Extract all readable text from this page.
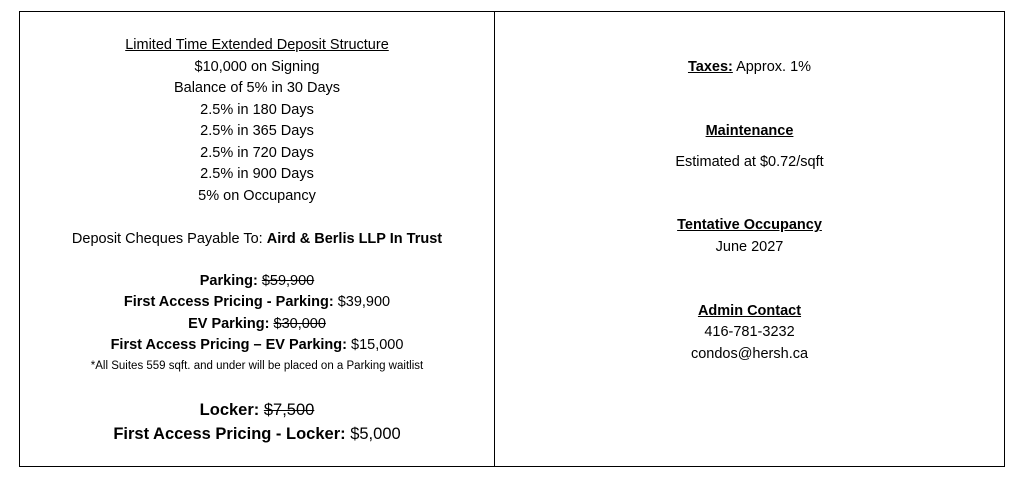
Limited Time Extended Deposit Structure
$10,000 on Signing
Balance of 5% in 30 Days
2.5% in 180 Days
2.5% in 365 Days
2.5% in 720 Days
2.5% in 900 Days
5% on Occupancy
Deposit Cheques Payable To: Aird & Berlis LLP In Trust
Parking: $59,900
First Access Pricing - Parking: $39,900
EV Parking: $30,000
First Access Pricing – EV Parking: $15,000
*All Suites 559 sqft. and under will be placed on a Parking waitlist
Locker: $7,500
First Access Pricing - Locker: $5,000
Taxes: Approx. 1%
Maintenance
Estimated at $0.72/sqft
Tentative Occupancy
June 2027
Admin Contact
416-781-3232
condos@hersh.ca
